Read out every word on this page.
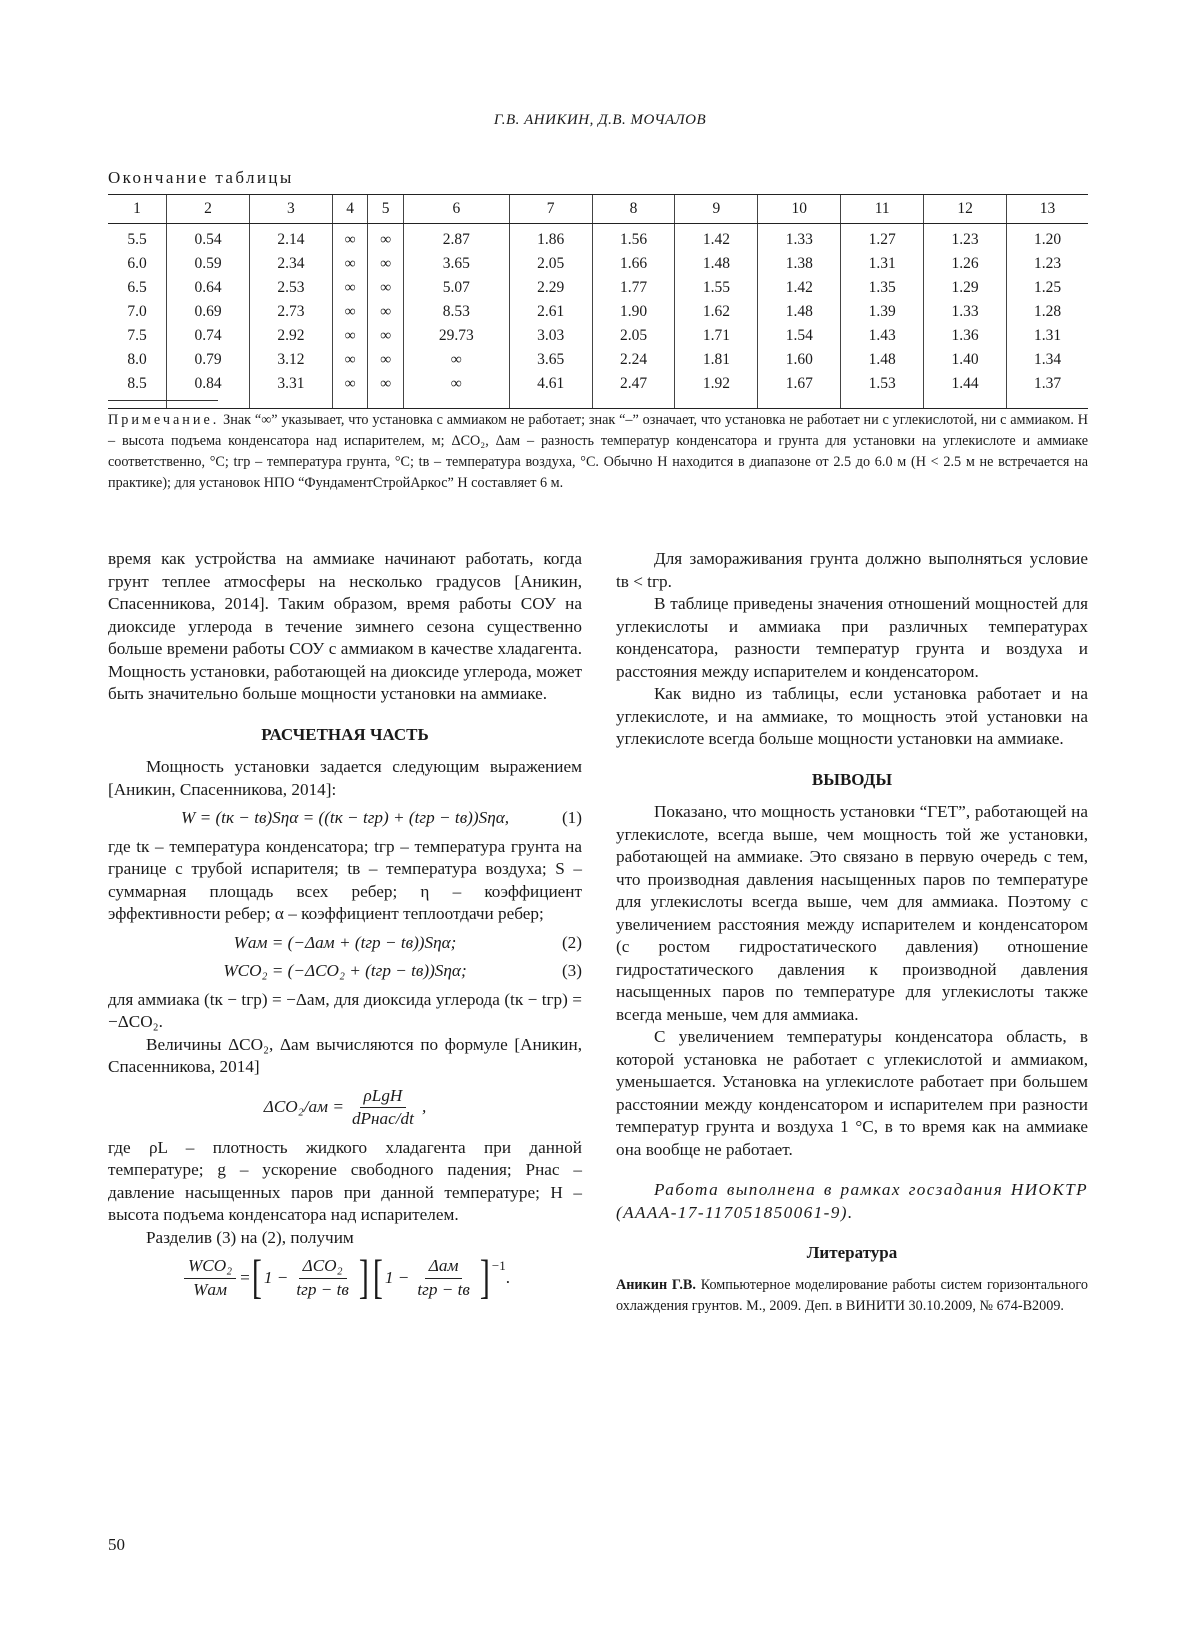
Г.В. АНИКИН, Д.В. МОЧАЛОВ
Окончание таблицы
1	2	3	4	5	6	7	8	9	10	11	12	13
5.5	0.54	2.14	∞	∞	2.87	1.86	1.56	1.42	1.33	1.27	1.23	1.20
6.0	0.59	2.34	∞	∞	3.65	2.05	1.66	1.48	1.38	1.31	1.26	1.23
6.5	0.64	2.53	∞	∞	5.07	2.29	1.77	1.55	1.42	1.35	1.29	1.25
7.0	0.69	2.73	∞	∞	8.53	2.61	1.90	1.62	1.48	1.39	1.33	1.28
7.5	0.74	2.92	∞	∞	29.73	3.03	2.05	1.71	1.54	1.43	1.36	1.31
8.0	0.79	3.12	∞	∞	∞	3.65	2.24	1.81	1.60	1.48	1.40	1.34
8.5	0.84	3.31	∞	∞	∞	4.61	2.47	1.92	1.67	1.53	1.44	1.37
Примечание. Знак “∞” указывает, что установка с аммиаком не работает; знак “–” означает, что установка не работает ни с углекислотой, ни с аммиаком. H – высота подъема конденсатора над испарителем, м; ΔCO₂, Δам – разность температур конденсатора и грунта для установки на углекислоте и аммиаке соответственно, °С; tгр – температура грунта, °С; tв – температура воздуха, °С. Обычно H находится в диапазоне от 2.5 до 6.0 м (H < 2.5 м не встречается на практике); для установок НПО “ФундаментСтройАркос” H составляет 6 м.

время как устройства на аммиаке начинают работать, когда грунт теплее атмосферы на несколько градусов [Аникин, Спасенникова, 2014]. Таким образом, время работы СОУ на диоксиде углерода в течение зимнего сезона существенно больше времени работы СОУ с аммиаком в качестве хладагента. Мощность установки, работающей на диоксиде углерода, может быть значительно больше мощности установки на аммиаке.

РАСЧЕТНАЯ ЧАСТЬ

Мощность установки задается следующим выражением [Аникин, Спасенникова, 2014]:

W = (tк − tв)Sηα = ((tк − tгр) + (tгр − tв))Sηα,	(1)

где tк – температура конденсатора; tгр – температура грунта на границе с трубой испарителя; tв – температура воздуха; S – суммарная площадь всех ребер; η – коэффициент эффективности ребер; α – коэффициент теплоотдачи ребер;

Wам = (−Δам + (tгр − tв))Sηα;	(2)
WCO₂ = (−ΔCO₂ + (tгр − tв))Sηα;	(3)

для аммиака (tк − tгр) = −Δам, для диоксида углерода (tк − tгр) = −ΔCO₂.

Величины ΔCO₂, Δам вычисляются по формуле [Аникин, Спасенникова, 2014]

$\Delta CO_2/ам = \frac{\text{ρLgH}}{\text{dPнас/dt}}$ ,

где ρL – плотность жидкого хладагента при данной температуре; g – ускорение свободного падения; Pнас – давление насыщенных паров при данной температуре; H – высота подъема конденсатора над испарителем.

Разделив (3) на (2), получим

$\frac{\text{WCO₂}}{\text{Wам}}$ = [ $1 - \frac{\text{ΔCO₂}}{\text{tгр − tв}}$ ] [ $1 - \frac{\text{Δам}}{\text{tгр − tв}} ]^{-1}$
.

Для замораживания грунта должно выполняться условие tв < tгр.

В таблице приведены значения отношений мощностей для углекислоты и аммиака при различных температурах конденсатора, разности температур грунта и воздуха и расстояния между испарителем и конденсатором.

Как видно из таблицы, если установка работает и на углекислоте, и на аммиаке, то мощность этой установки на углекислоте всегда больше мощности установки на аммиаке.

ВЫВОДЫ

Показано, что мощность установки “ГЕТ”, работающей на углекислоте, всегда выше, чем мощность той же установки, работающей на аммиаке. Это связано в первую очередь с тем, что производная давления насыщенных паров по температуре для углекислоты всегда выше, чем для аммиака. Поэтому с увеличением расстояния между испарителем и конденсатором (с ростом гидростатического давления) отношение гидростатического давления к производной давления насыщенных паров по температуре для углекислоты также всегда меньше, чем для аммиака.

С увеличением температуры конденсатора область, в которой установка не работает с углекислотой и аммиаком, уменьшается. Установка на углекислоте работает при большем расстоянии между конденсатором и испарителем при разности температур грунта и воздуха 1 °С, в то время как на аммиаке она вообще не работает.

Работа выполнена в рамках госзадания НИОКТР (АААА-17-117051850061-9).

Литература

Аникин Г.В. Компьютерное моделирование работы систем горизонтального охлаждения грунтов. М., 2009. Деп. в ВИНИТИ 30.10.2009, № 674-В2009.

50
